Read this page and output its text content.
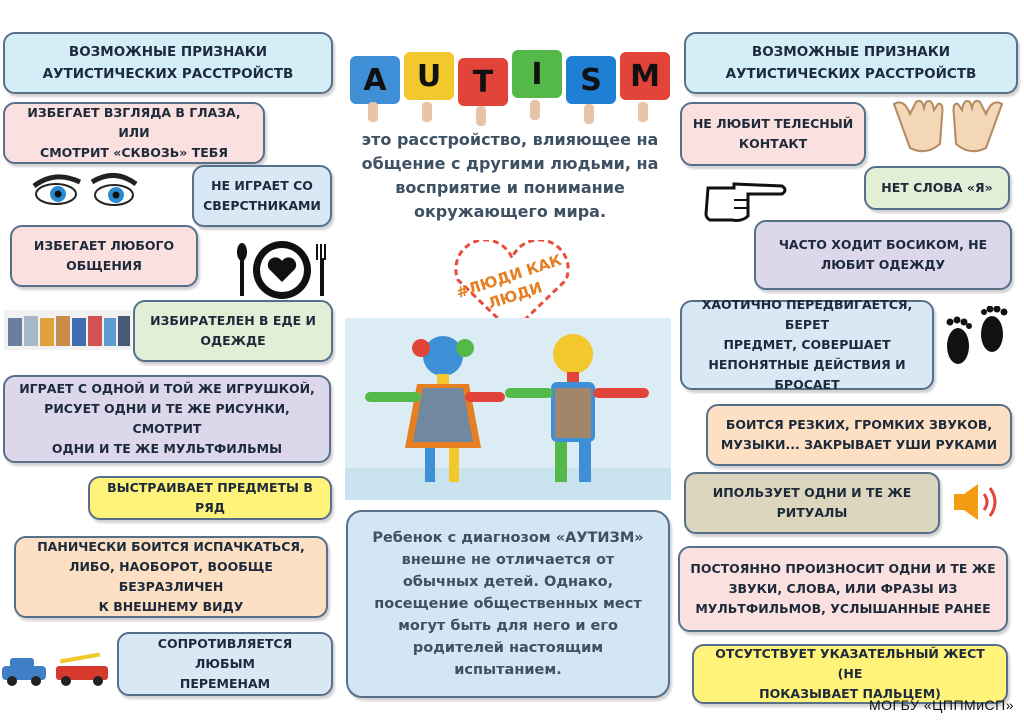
ВОЗМОЖНЫЕ ПРИЗНАКИ
АУТИСТИЧЕСКИХ РАССТРОЙСТВ
ИЗБЕГАЕТ ВЗГЛЯДА В ГЛАЗА, ИЛИ
СМОТРИТ «СКВОЗЬ» ТЕБЯ
НЕ ИГРАЕТ СО
СВЕРСТНИКАМИ
ИЗБЕГАЕТ ЛЮБОГО
ОБЩЕНИЯ
ИЗБИРАТЕЛЕН В ЕДЕ И
ОДЕЖДЕ
ИГРАЕТ С ОДНОЙ И ТОЙ ЖЕ ИГРУШКОЙ,
РИСУЕТ ОДНИ И ТЕ ЖЕ РИСУНКИ, СМОТРИТ
ОДНИ И ТЕ ЖЕ МУЛЬТФИЛЬМЫ
ВЫСТРАИВАЕТ ПРЕДМЕТЫ В РЯД
ПАНИЧЕСКИ БОИТСЯ ИСПАЧКАТЬСЯ,
ЛИБО, НАОБОРОТ, ВООБЩЕ БЕЗРАЗЛИЧЕН
К ВНЕШНЕМУ ВИДУ
СОПРОТИВЛЯЕТСЯ ЛЮБЫМ
ПЕРЕМЕНАМ
A U T I S M
это расстройство, влияющее на
общение с другими людьми, на
восприятие и понимание
окружающего мира.
#ЛЮДИ КАК ЛЮДИ
Ребенок с диагнозом «АУТИЗМ»
внешне не отличается от
обычных детей. Однако,
посещение общественных мест
могут быть для него и его
родителей настоящим
испытанием.
ВОЗМОЖНЫЕ ПРИЗНАКИ
АУТИСТИЧЕСКИХ РАССТРОЙСТВ
НЕ ЛЮБИТ ТЕЛЕСНЫЙ
КОНТАКТ
НЕТ СЛОВА «Я»
ЧАСТО ХОДИТ БОСИКОМ, НЕ
ЛЮБИТ ОДЕЖДУ
ХАОТИЧНО ПЕРЕДВИГАЕТСЯ, БЕРЕТ
ПРЕДМЕТ, СОВЕРШАЕТ
НЕПОНЯТНЫЕ ДЕЙСТВИЯ И БРОСАЕТ
БОИТСЯ РЕЗКИХ, ГРОМКИХ ЗВУКОВ,
МУЗЫКИ... ЗАКРЫВАЕТ УШИ РУКАМИ
ИПОЛЬЗУЕТ ОДНИ И ТЕ ЖЕ
РИТУАЛЫ
ПОСТОЯННО ПРОИЗНОСИТ ОДНИ И ТЕ ЖЕ
ЗВУКИ, СЛОВА, ИЛИ ФРАЗЫ ИЗ
МУЛЬТФИЛЬМОВ, УСЛЫШАННЫЕ РАНЕЕ
ОТСУТСТВУЕТ УКАЗАТЕЛЬНЫЙ ЖЕСТ (НЕ
ПОКАЗЫВАЕТ ПАЛЬЦЕМ)
МОГБУ «ЦППМиСП»
